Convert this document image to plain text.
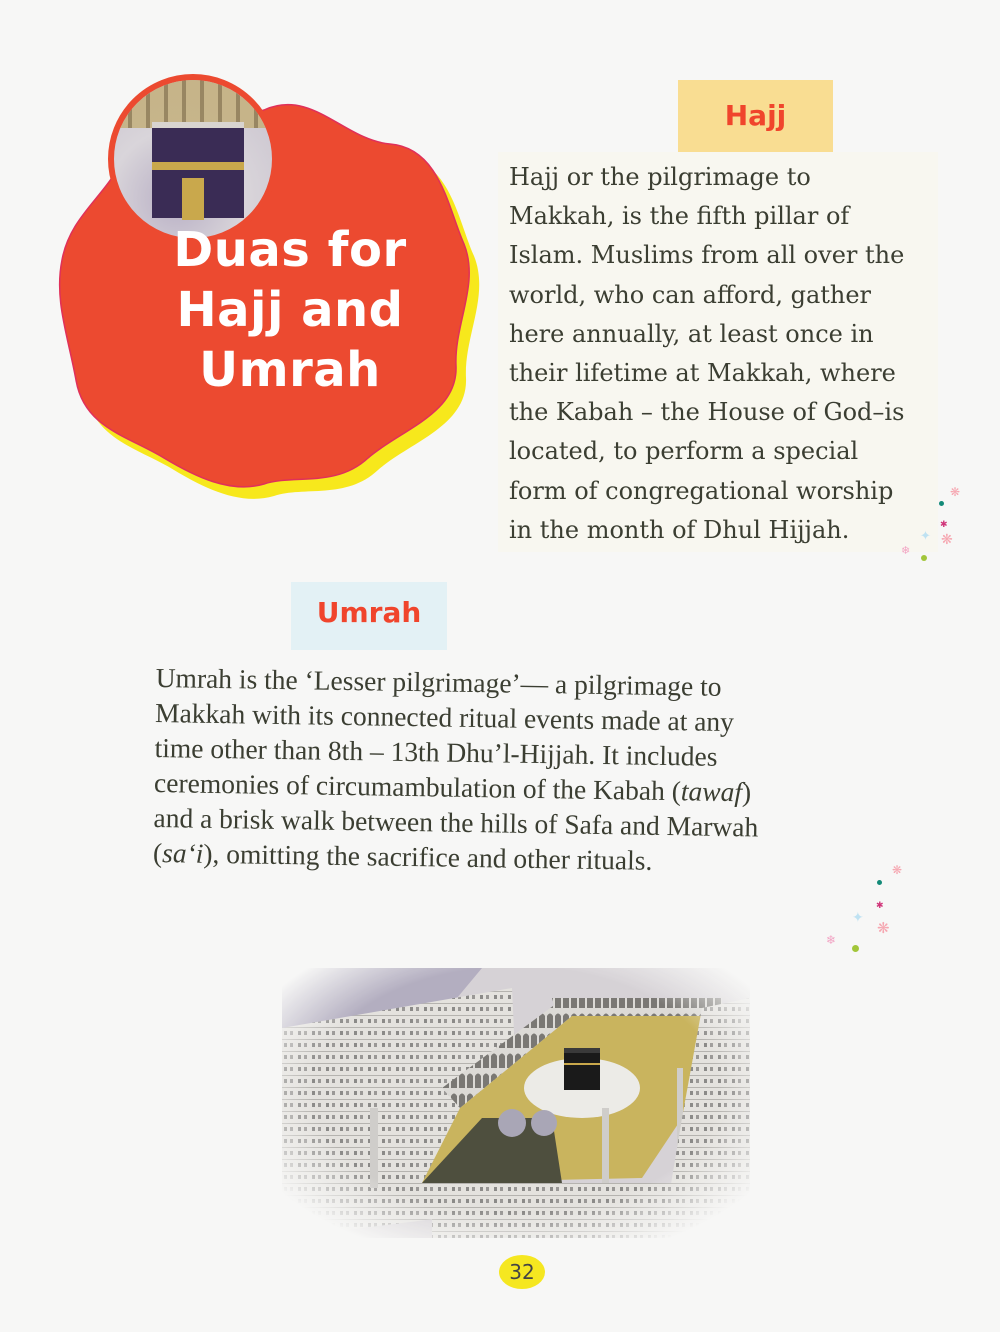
Duas for
Hajj and
Umrah
Hajj
Hajj or the pilgrimage to
Makkah, is the fifth pillar of
Islam. Muslims from all over the
world, who can afford, gather
here annually, at least once in
their lifetime at Makkah, where
the Kabah – the House of God–is
located, to perform a special
form of congregational worship
in the month of Dhul Hijjah.
❋
✱
✦ ❋
❄
Umrah
Umrah is the ‘Lesser pilgrimage’— a pilgrimage to
Makkah with its connected ritual events made at any
time other than 8th – 13th Dhu’l-Hijjah. It includes
ceremonies of circumambulation of the Kabah (tawaf)
and a brisk walk between the hills of Safa and Marwah
(sa‘i), omitting the sacrifice and other rituals.	❋
✱
✦
❋
❄
32
